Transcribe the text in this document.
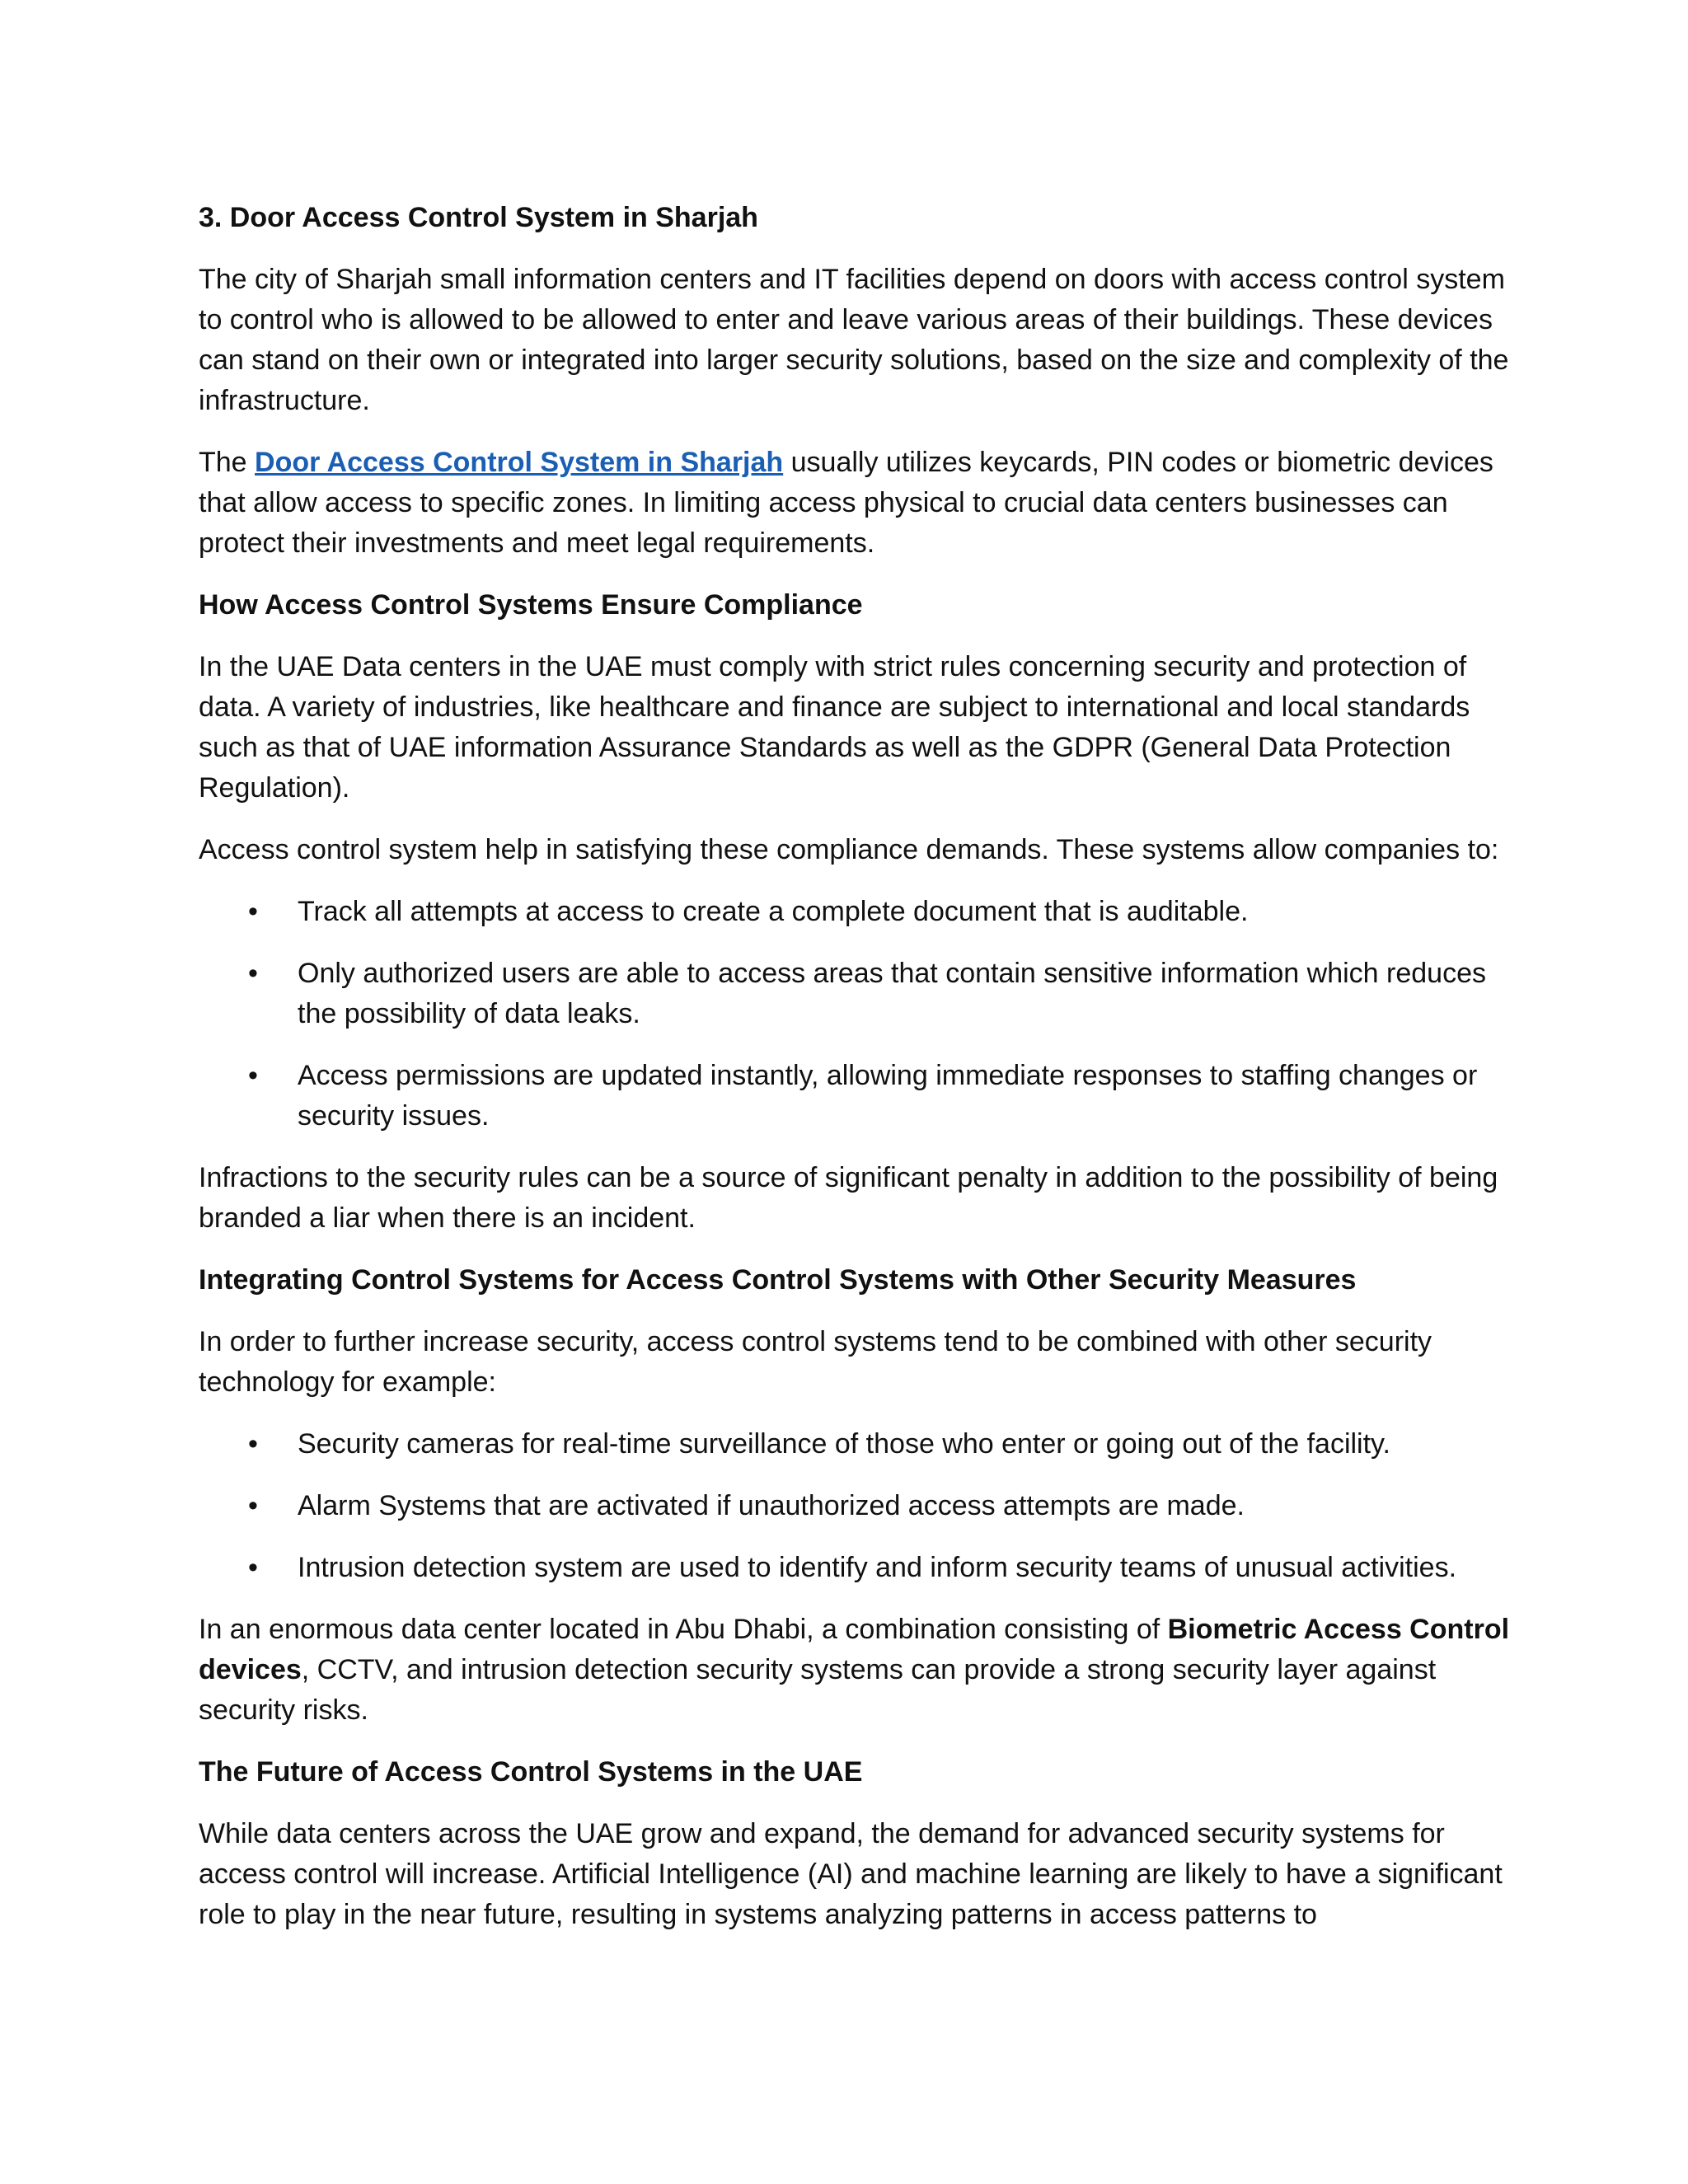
3. Door Access Control System in Sharjah

The city of Sharjah small information centers and IT facilities depend on doors with access control system to control who is allowed to be allowed to enter and leave various areas of their buildings. These devices can stand on their own or integrated into larger security solutions, based on the size and complexity of the infrastructure.

The Door Access Control System in Sharjah usually utilizes keycards, PIN codes or biometric devices that allow access to specific zones. In limiting access physical to crucial data centers businesses can protect their investments and meet legal requirements.

How Access Control Systems Ensure Compliance

In the UAE Data centers in the UAE must comply with strict rules concerning security and protection of data. A variety of industries, like healthcare and finance are subject to international and local standards such as that of UAE information Assurance Standards as well as the GDPR (General Data Protection Regulation).

Access control system help in satisfying these compliance demands. These systems allow companies to:

• Track all attempts at access to create a complete document that is auditable.
• Only authorized users are able to access areas that contain sensitive information which reduces the possibility of data leaks.
• Access permissions are updated instantly, allowing immediate responses to staffing changes or security issues.

Infractions to the security rules can be a source of significant penalty in addition to the possibility of being branded a liar when there is an incident.

Integrating Control Systems for Access Control Systems with Other Security Measures

In order to further increase security, access control systems tend to be combined with other security technology for example:

• Security cameras for real-time surveillance of those who enter or going out of the facility.
• Alarm Systems that are activated if unauthorized access attempts are made.
• Intrusion detection system are used to identify and inform security teams of unusual activities.

In an enormous data center located in Abu Dhabi, a combination consisting of Biometric Access Control devices, CCTV, and intrusion detection security systems can provide a strong security layer against security risks.

The Future of Access Control Systems in the UAE

While data centers across the UAE grow and expand, the demand for advanced security systems for access control will increase. Artificial Intelligence (AI) and machine learning are likely to have a significant role to play in the near future, resulting in systems analyzing patterns in access patterns to
